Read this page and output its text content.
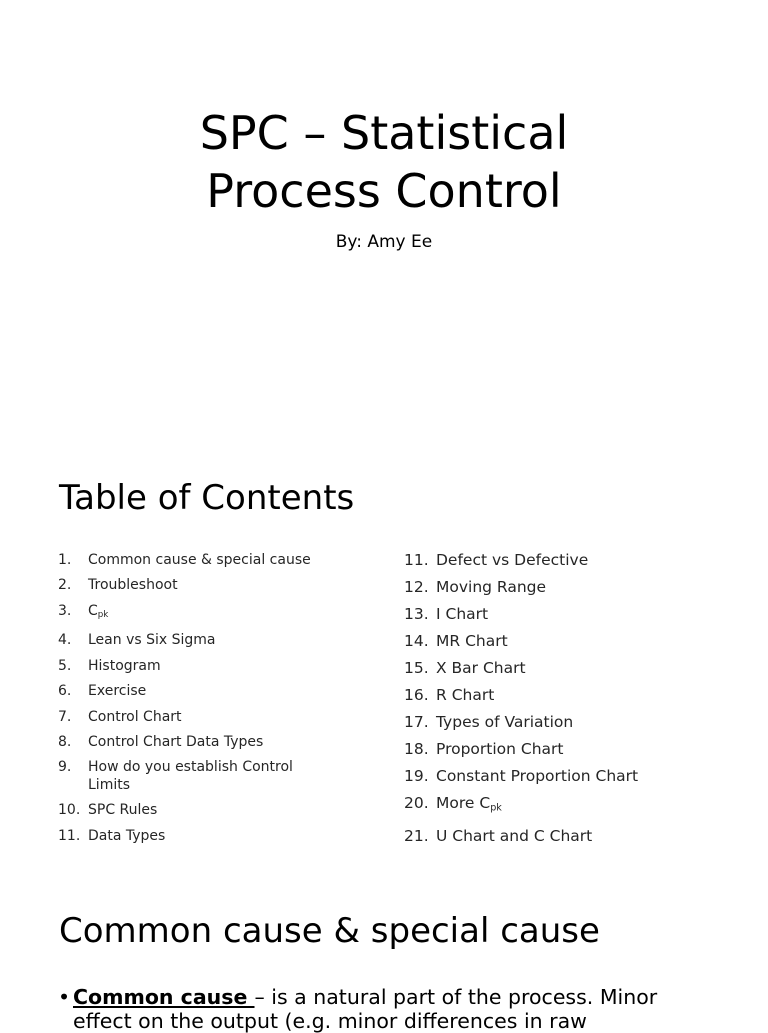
SPC – Statistical
Process Control
By: Amy Ee
Table of Contents
1.	Common cause & special cause
2.	Troubleshoot
3.	$C_{pk}$
4.	Lean vs Six Sigma
5.	Histogram
6.	Exercise
7.	Control Chart
8.	Control Chart Data Types
9.	How do you establish Control Limits
10. SPC Rules
11. Data Types
11. Defect vs Defective
12. Moving Range
13. I Chart
14. MR Chart
15. X Bar Chart
16. R Chart
17. Types of Variation
18. Proportion Chart
19. Constant Proportion Chart
20. More $C_{pk}$
21. U Chart and C Chart
Common cause & special cause
• Common cause – is a natural part of the process. Minor effect on the output (e.g. minor differences in raw
